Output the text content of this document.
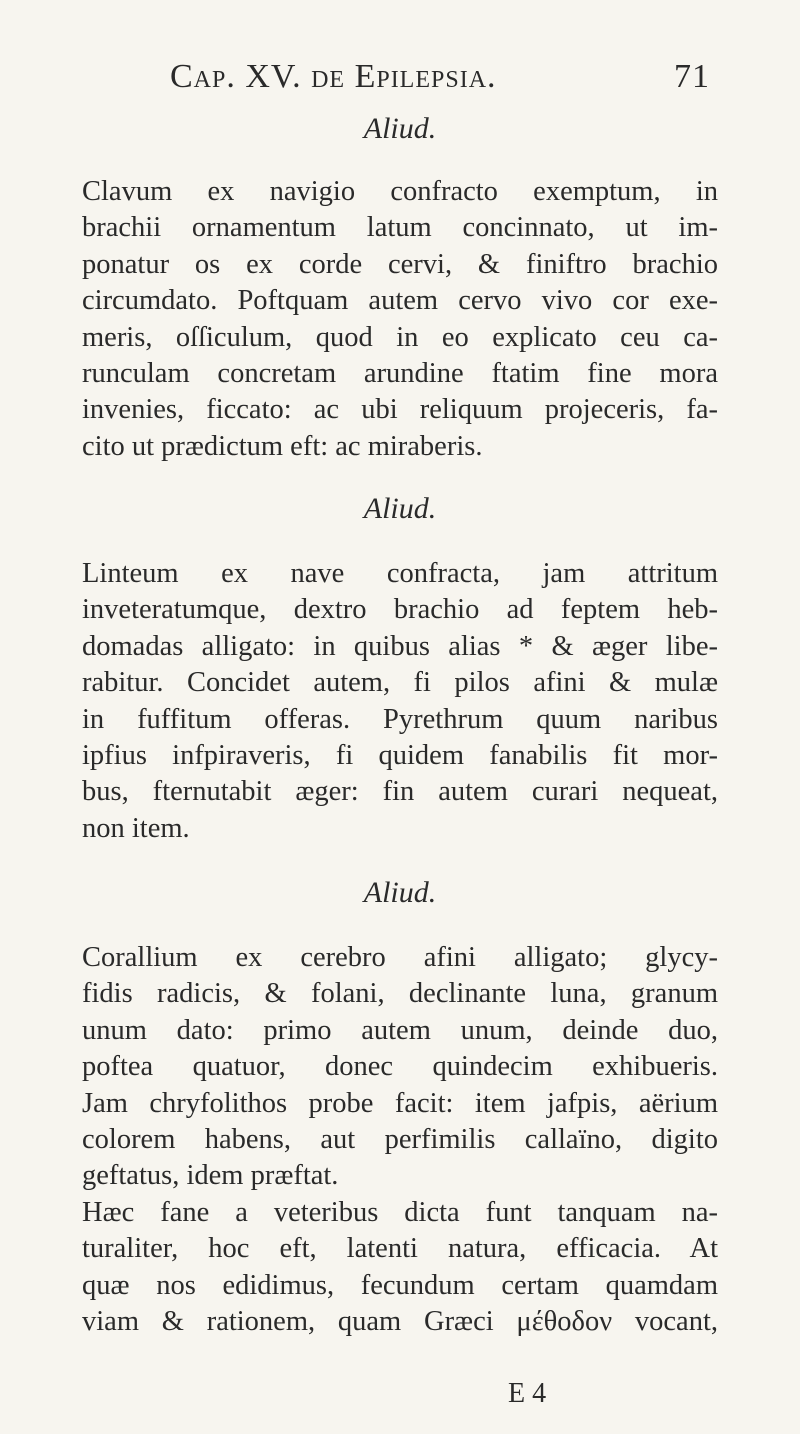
Cap. XV. de Epilepsia.	71
Aliud.
Clavum ex navigio confracto exemptum, in
brachii ornamentum latum concinnato, ut im-
ponatur os ex corde cervi, & finiftro brachio
circumdato. Poftquam autem cervo vivo cor exe-
meris, oſſiculum, quod in eo explicato ceu ca-
runculam concretam arundine ftatim fine mora
invenies, ficcato: ac ubi reliquum projeceris, fa-
cito ut prædictum eft: ac miraberis.
Aliud.
Linteum ex nave confracta, jam attritum
inveteratumque, dextro brachio ad feptem heb-
domadas alligato: in quibus alias * & æger libe-
rabitur. Concidet autem, fi pilos afini & mulæ
in fuffitum offeras. Pyrethrum quum naribus
ipfius infpiraveris, fi quidem fanabilis fit mor-
bus, fternutabit æger: fin autem curari nequeat,
non item.
Aliud.
Corallium ex cerebro afini alligato; glycy-
fidis radicis, & folani, declinante luna, granum
unum dato: primo autem unum, deinde duo,
poftea quatuor, donec quindecim exhibueris.
Jam chryfolithos probe facit: item jafpis, aërium
colorem habens, aut perfimilis callaïno, digito
geftatus, idem præftat.
Hæc fane a veteribus dicta funt tanquam na-
turaliter, hoc eft, latenti natura, efficacia. At
quæ nos edidimus, fecundum certam quamdam
viam & rationem, quam Græci μέθοδον vocant,
E 4
